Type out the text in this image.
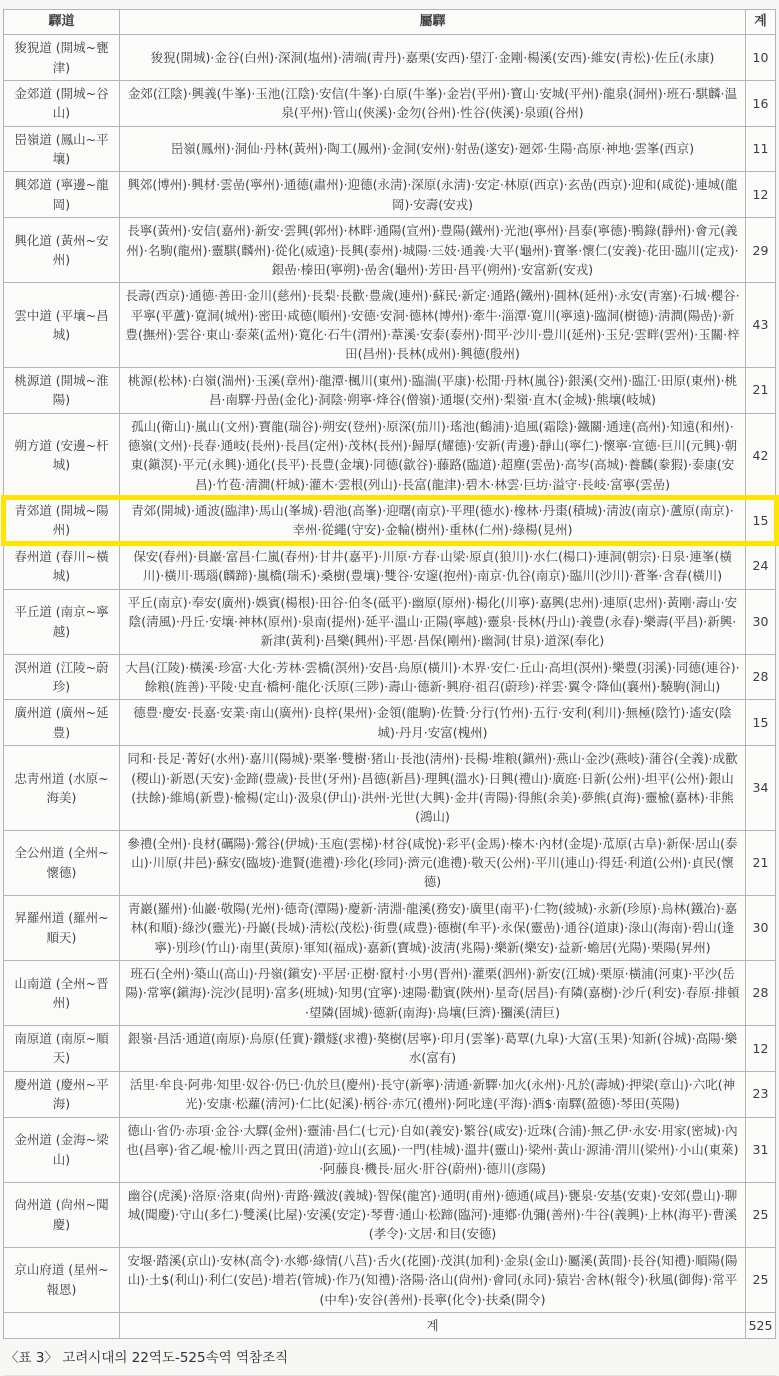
驛道	屬驛	계
狻猊道 (開城~甕津)	狻猊(開城)·金谷(白州)·深洞(塩州)·淸端(靑丹)·嘉栗(安西)·望汀·金剛·楊溪(安西)·維安(靑松)·佐丘(永康)	10
金郊道 (開城~谷山)	金郊(江陰)·興義(牛峯)·玉池(江陰)·安信(牛峯)·白原(牛峯)·金岩(平州)·寶山·安城(平州)·龍泉(洞州)·班石·騏麟·温泉(平州)·管山(俠溪)·金勿(谷州)·性谷(俠溪)·泉頭(谷州)	16
岊嶺道 (鳳山~平壤)	岊嶺(鳳州)·洞仙·丹林(黃州)·陶工(鳳州)·金洞(安州)·射嵒(遂安)·廻郊·生陽·高原·神地·雲峯(西京)	11
興郊道 (寧邊~龍岡)	興郊(博州)·興材·雲嵒(寧州)·通德(肅州)·迎德(永淸)·深原(永淸)·安定·林原(西京)·玄嵒(西京)·迎和(咸從)·連城(龍岡)·安壽(安戎)	12
興化道 (黃州~安州)	長寧(黃州)·安信(嘉州)·新安·雲興(郭州)·林畔·通陽(宣州)·豊陽(鐵州)·光池(寧州)·昌泰(寧德)·鴨錄(靜州)·會元(義州)·名駒(龍州)·靈騏(麟州)·從化(威遠)·長興(泰州)·城陽·三妓·通義·大平(龜州)·寶峯·懷仁(安義)·花田·臨川(定戎)·銀嵒·榛田(寧朔)·嵒舍(龜州)·芳田·昌平(朔州)·安富新(安戎)	29
雲中道 (平壤~昌城)	長壽(西京)·通德·善田·金川(慈州)·長梨·長歡·豊歲(連州)·蘇民·新定·通路(鐵州)·圓林(延州)·永安(靑塞)·石城·櫻谷·平寧(平蘆)·寛洞(城州)·密田·咸德(順州)·安德·安洞·德林(博州)·牽牛·淄潭·寛川(寧遠)·臨洞(樹德)·淸澗(陽嵒)·新豊(撫州)·雲谷·東山·泰萊(孟州)·寛化·石牛(渭州)·葦溪·安泰(泰州)·問平·沙川·豊川(延州)·玉兒·雲畔(雲州)·玉關·梓田(昌州)·長林(成州)·興德(殷州)	43
桃源道 (開城~淮陽)	桃源(松林)·白嶺(湍州)·玉溪(章州)·龍潭·楓川(東州)·臨湍(平康)·松閒·丹林(嵐谷)·銀溪(交州)·臨江·田原(東州)·桃昌·南驛·丹嵒(金化)·洞陰·朔寧·烽谷(僧嶺)·通堰(交州)·梨嶺·直木(金城)·熊壤(岐城)	21
朔方道 (安邊~杆城)	孤山(衛山)·嵐山(文州)·寶龍(瑞谷)·朔安(登州)·原深(茄川)·瑤池(鶴浦)·追風(霜陰)·鐵關·通達(高州)·知遠(和州)·德嶺(文州)·長春·通岐(長州)·長昌(定州)·茂林(長州)·歸厚(耀德)·安新(靑邊)·靜山(寧仁)·懷寧·宣德·巨川(元興)·朝東(鎭溟)·平元(永興)·通化(長平)·長豊(金壤)·同德(歙谷)·藤路(臨道)·超塵(雲嵒)·高岑(高城)·養麟(豢猳)·泰康(安昌)·竹苞·淸澗(杆城)·灌木·雲根(列山)·長富(龍津)·碧木·林雲·巨坊·溢守·長岐·富寧(雲嵒)	42
青郊道 (開城~陽州)	青郊(開城)·通波(臨津)·馬山(峯城)·碧池(高峯)·迎曙(南京)·平理(德水)·橡林·丹棗(積城)·淸波(南京)·蘆原(南京)·幸州·從繩(守安)·金輪(樹州)·重林(仁州)·綠楊(見州)	15
春州道 (春川~橫城)	保安(春州)·員巖·富昌·仁嵐(春州)·甘井(嘉平)·川原·方春·山梁·原貞(狼川)·水仁(楊口)·連洞(朝宗)·日泉·連峯(橫川)·橫川·瑪瑙(麟蹄)·嵐橋(瑞禾)·桑樹(豊壤)·雙谷·安邃(抱州)·南京·仇谷(南京)·臨川(沙川)·蒼峯·含春(橫川)	24
平丘道 (南京~寧越)	平丘(南京)·奉安(廣州)·娛賓(楊根)·田谷·伯冬(砥平)·幽原(原州)·楊化(川寧)·嘉興(忠州)·連原(忠州)·黃剛·壽山·安陰(淸風)·丹丘·安壤·神林(原州)·泉南(提州)·延平·溫山·正陽(寧越)·靈泉·長林(丹山)·義豊(永春)·樂壽(平昌)·新興·新津(黃利)·昌樂(興州)·平恩·昌保(剛州)·幽洞(甘泉)·道深(奉化)	30
溟州道 (江陵~蔚珍)	大昌(江陵)·橫溪·珍富·大化·芳林·雲橋(溟州)·安昌·烏原(橫川)·木界·安仁·丘山·高坦(溟州)·樂豊(羽溪)·同德(連谷)·餘粮(旌善)·平陵·史直·橋柯·龍化·沃原(三陟)·壽山·德新·興府·祖召(蔚珍)·祥雲·翼令·降仙(襄州)·驍駒(洞山)	28
廣州道 (廣州~延豊)	德豊·慶安·長嘉·安業·南山(廣州)·良梓(果州)·金領(龍駒)·佐贊·分行(竹州)·五行·安利(利川)·無極(陰竹)·遙安(陰城)·丹月·安富(槐州)	15
忠靑州道 (水原~海美)	同和·長足·菁好(水州)·嘉川(陽城)·栗峯·雙樹·猪山·長池(淸州)·長楊·堆粮(鎭州)·燕山·金沙(燕岐)·蒲谷(全義)·成歡(稷山)·新恩(天安)·金蹄(豊歲)·長世(牙州)·昌德(新昌)·理興(溫水)·日興(禮山)·廣庭·日新(公州)·坦平(公州)·銀山(扶餘)·維鳩(新豊)·楡楊(定山)·汲泉(伊山)·洪州·光世(大興)·金井(靑陽)·得熊(余美)·夢熊(貞海)·靈楡(嘉林)·非熊(鴻山)	34
全公州道 (全州~懷德)	參禮(全州)·良材(礪陽)·鶯谷(伊城)·玉庖(雲梯)·材谷(咸悅)·彩平(金馬)·榛木·內材(金堤)·苽原(古阜)·新保·居山(泰山)·川原(井邑)·蘇安(臨坡)·進賢(進禮)·珍化(珍同)·濟元(進禮)·敬天(公州)·平川(連山)·得廷·利道(公州)·貞民(懷德)	21
昇羅州道 (羅州~順天)	靑巖(羅州)·仙巖·敬陽(光州)·德奇(潭陽)·慶新·淸淵·龍溪(務安)·廣里(南平)·仁物(綾城)·永新(珍原)·烏林(鐵冶)·嘉林(和順)·綠沙(靈光)·丹巖(長城)·淸松(茂松)·街豊(咸豊)·德樹(牟平)·永保(靈嵒)·通谷(道康)·淥山(海南)·碧山(逢寧)·別珍(竹山)·南里(黃原)·軍知(福成)·嘉新(寶城)·波淸(兆陽)·樂新(樂安)·益新·蟾居(光陽)·栗陽(昇州)	30
山南道 (全州~晋州)	班石(全州)·築山(高山)·丹嶺(鎭安)·平居·正樹·竄村·小男(晋州)·灌栗(泗州)·新安(江城)·栗原·橫浦(河東)·平沙(岳陽)·常寧(鎭海)·浣沙(昆明)·富多(班城)·知男(宜寧)·速陽·勸賓(陜州)·星奇(居昌)·有隣(嘉樹)·沙斤(利安)·春原·排頓·望隣(固城)·德新(南海)·烏壤(巨濟)·獼溪(淸巨)	28
南原道 (南原~順天)	銀嶺·昌活·通道(南原)·烏原(任實)·鑽燧(求禮)·獒樹(居寧)·印月(雲峯)·葛覃(九皐)·大富(玉果)·知新(谷城)·高陽·樂水(富有)	12
慶州道 (慶州~平海)	活里·牟良·阿弗·知里·奴谷·仍巳·仇於旦(慶州)·長守(新寧)·淸通·新驛·加火(永州)·凡於(壽城)·押梁(章山)·六叱(神光)·安康·松蘿(淸河)·仁比(妃溪)·柄谷·赤冗(禮州)·阿叱達(平海)·酒$·南驛(盈德)·琴田(英陽)	23
金州道 (金海~梁山)	德山·省仍·赤項·金谷·大驛(金州)·靈浦·昌仁(七元)·自如(義安)·繁谷(咸安)·近珠(合浦)·無乙伊·永安·用家(密城)·內也(昌寧)·省乙峴·楡川·西之買田(淸道)·竝山(玄風)·一門(桂城)·溫井(靈山)·梁州·黃山·源浦·渭川(梁州)·小山(東萊)·阿藤良·機長·屈火·肝谷(蔚州)·德川(彦陽)	31
尙州道 (尙州~聞慶)	幽谷(虎溪)·洛原·洛東(尙州)·靑路·鐵波(義城)·智保(龍宮)·通明(甫州)·德通(咸昌)·甕泉·安基(安東)·安郊(豊山)·聊城(聞慶)·守山(多仁)·雙溪(比屋)·安溪(安定)·琴曹·通山·松蹄(臨河)·連鄕·仇彌(善州)·牛谷(義興)·上林(海平)·曹溪(孝令)·文居·和目(安德)	25
京山府道 (星州~報恩)	安堰·踏溪(京山)·安林(高令)·水鄕·綠情(八莒)·舌火(花園)·茂淇(加利)·金泉(金山)·屬溪(黃間)·長谷(知禮)·順陽(陽山)·土$(利山)·利仁(安邑)·增若(管城)·作乃(知禮)·洛陽·洛山(尙州)·會同(永同)·猿岩·舍林(報令)·秋風(御侮)·常平(中牟)·安谷(善州)·長寧(化令)·扶桑(開令)	25
	계	525
〈표 3〉 고려시대의 22역도-525속역 역참조직
